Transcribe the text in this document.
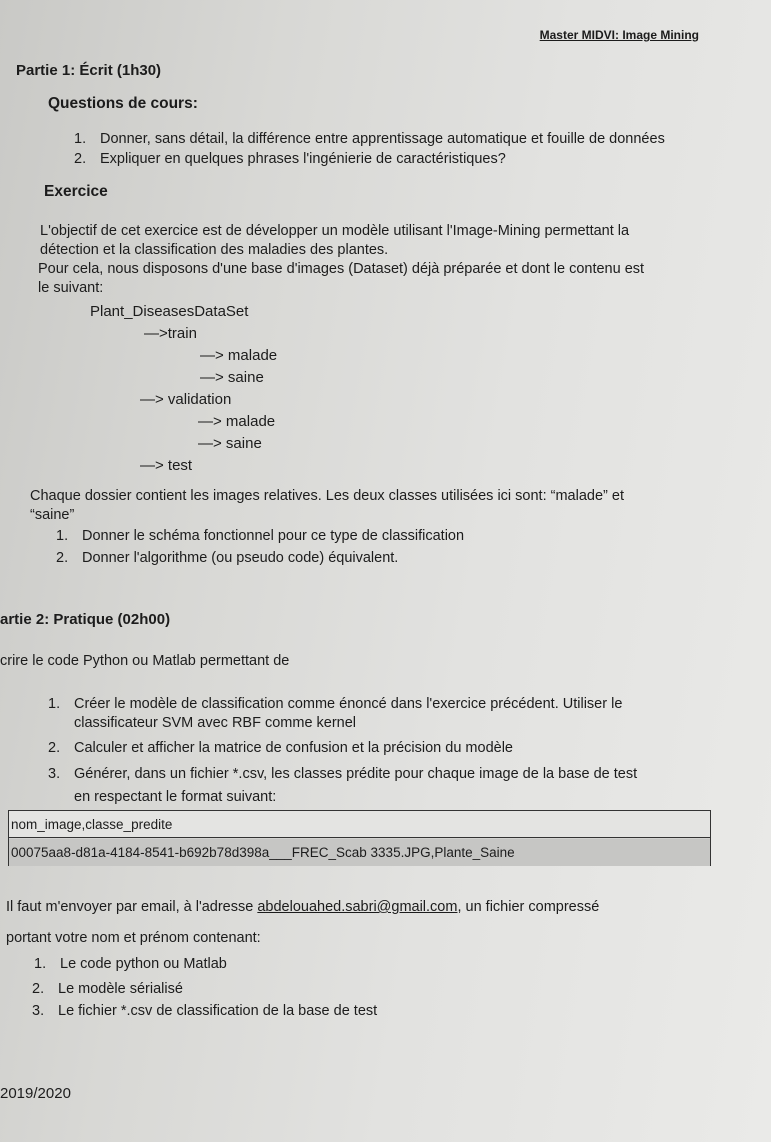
Master MIDVI: Image Mining
Partie 1: Écrit (1h30)
Questions de cours:
1. Donner, sans détail, la différence entre apprentissage automatique et fouille de données
2. Expliquer en quelques phrases l'ingénierie de caractéristiques?
Exercice
L'objectif de cet exercice est de développer un modèle utilisant l'Image-Mining permettant la
détection et la classification des maladies des plantes.
Pour cela, nous disposons d'une base d'images (Dataset) déjà préparée et dont le contenu est
le suivant:
Plant_DiseasesDataSet
—>train
—> malade
—> saine
—> validation
—> malade
—> saine
—> test
Chaque dossier contient les images relatives. Les deux classes utilisées ici sont: “malade” et
“saine”
1. Donner le schéma fonctionnel pour ce type de classification
2. Donner l'algorithme (ou pseudo code) équivalent.
artie 2: Pratique (02h00)
crire le code Python ou Matlab permettant de
1. Créer le modèle de classification comme énoncé dans l'exercice précédent. Utiliser le
classificateur SVM avec RBF comme kernel
2. Calculer et afficher la matrice de confusion et la précision du modèle
3. Générer, dans un fichier *.csv, les classes prédite pour chaque image de la base de test
en respectant le format suivant:
nom_image,classe_predite
00075aa8-d81a-4184-8541-b692b78d398a___FREC_Scab 3335.JPG,Plante_Saine
Il faut m'envoyer par email, à l'adresse abdelouahed.sabri@gmail.com, un fichier compressé
portant votre nom et prénom contenant:
1. Le code python ou Matlab
2. Le modèle sérialisé
3. Le fichier *.csv de classification de la base de test
2019/2020
